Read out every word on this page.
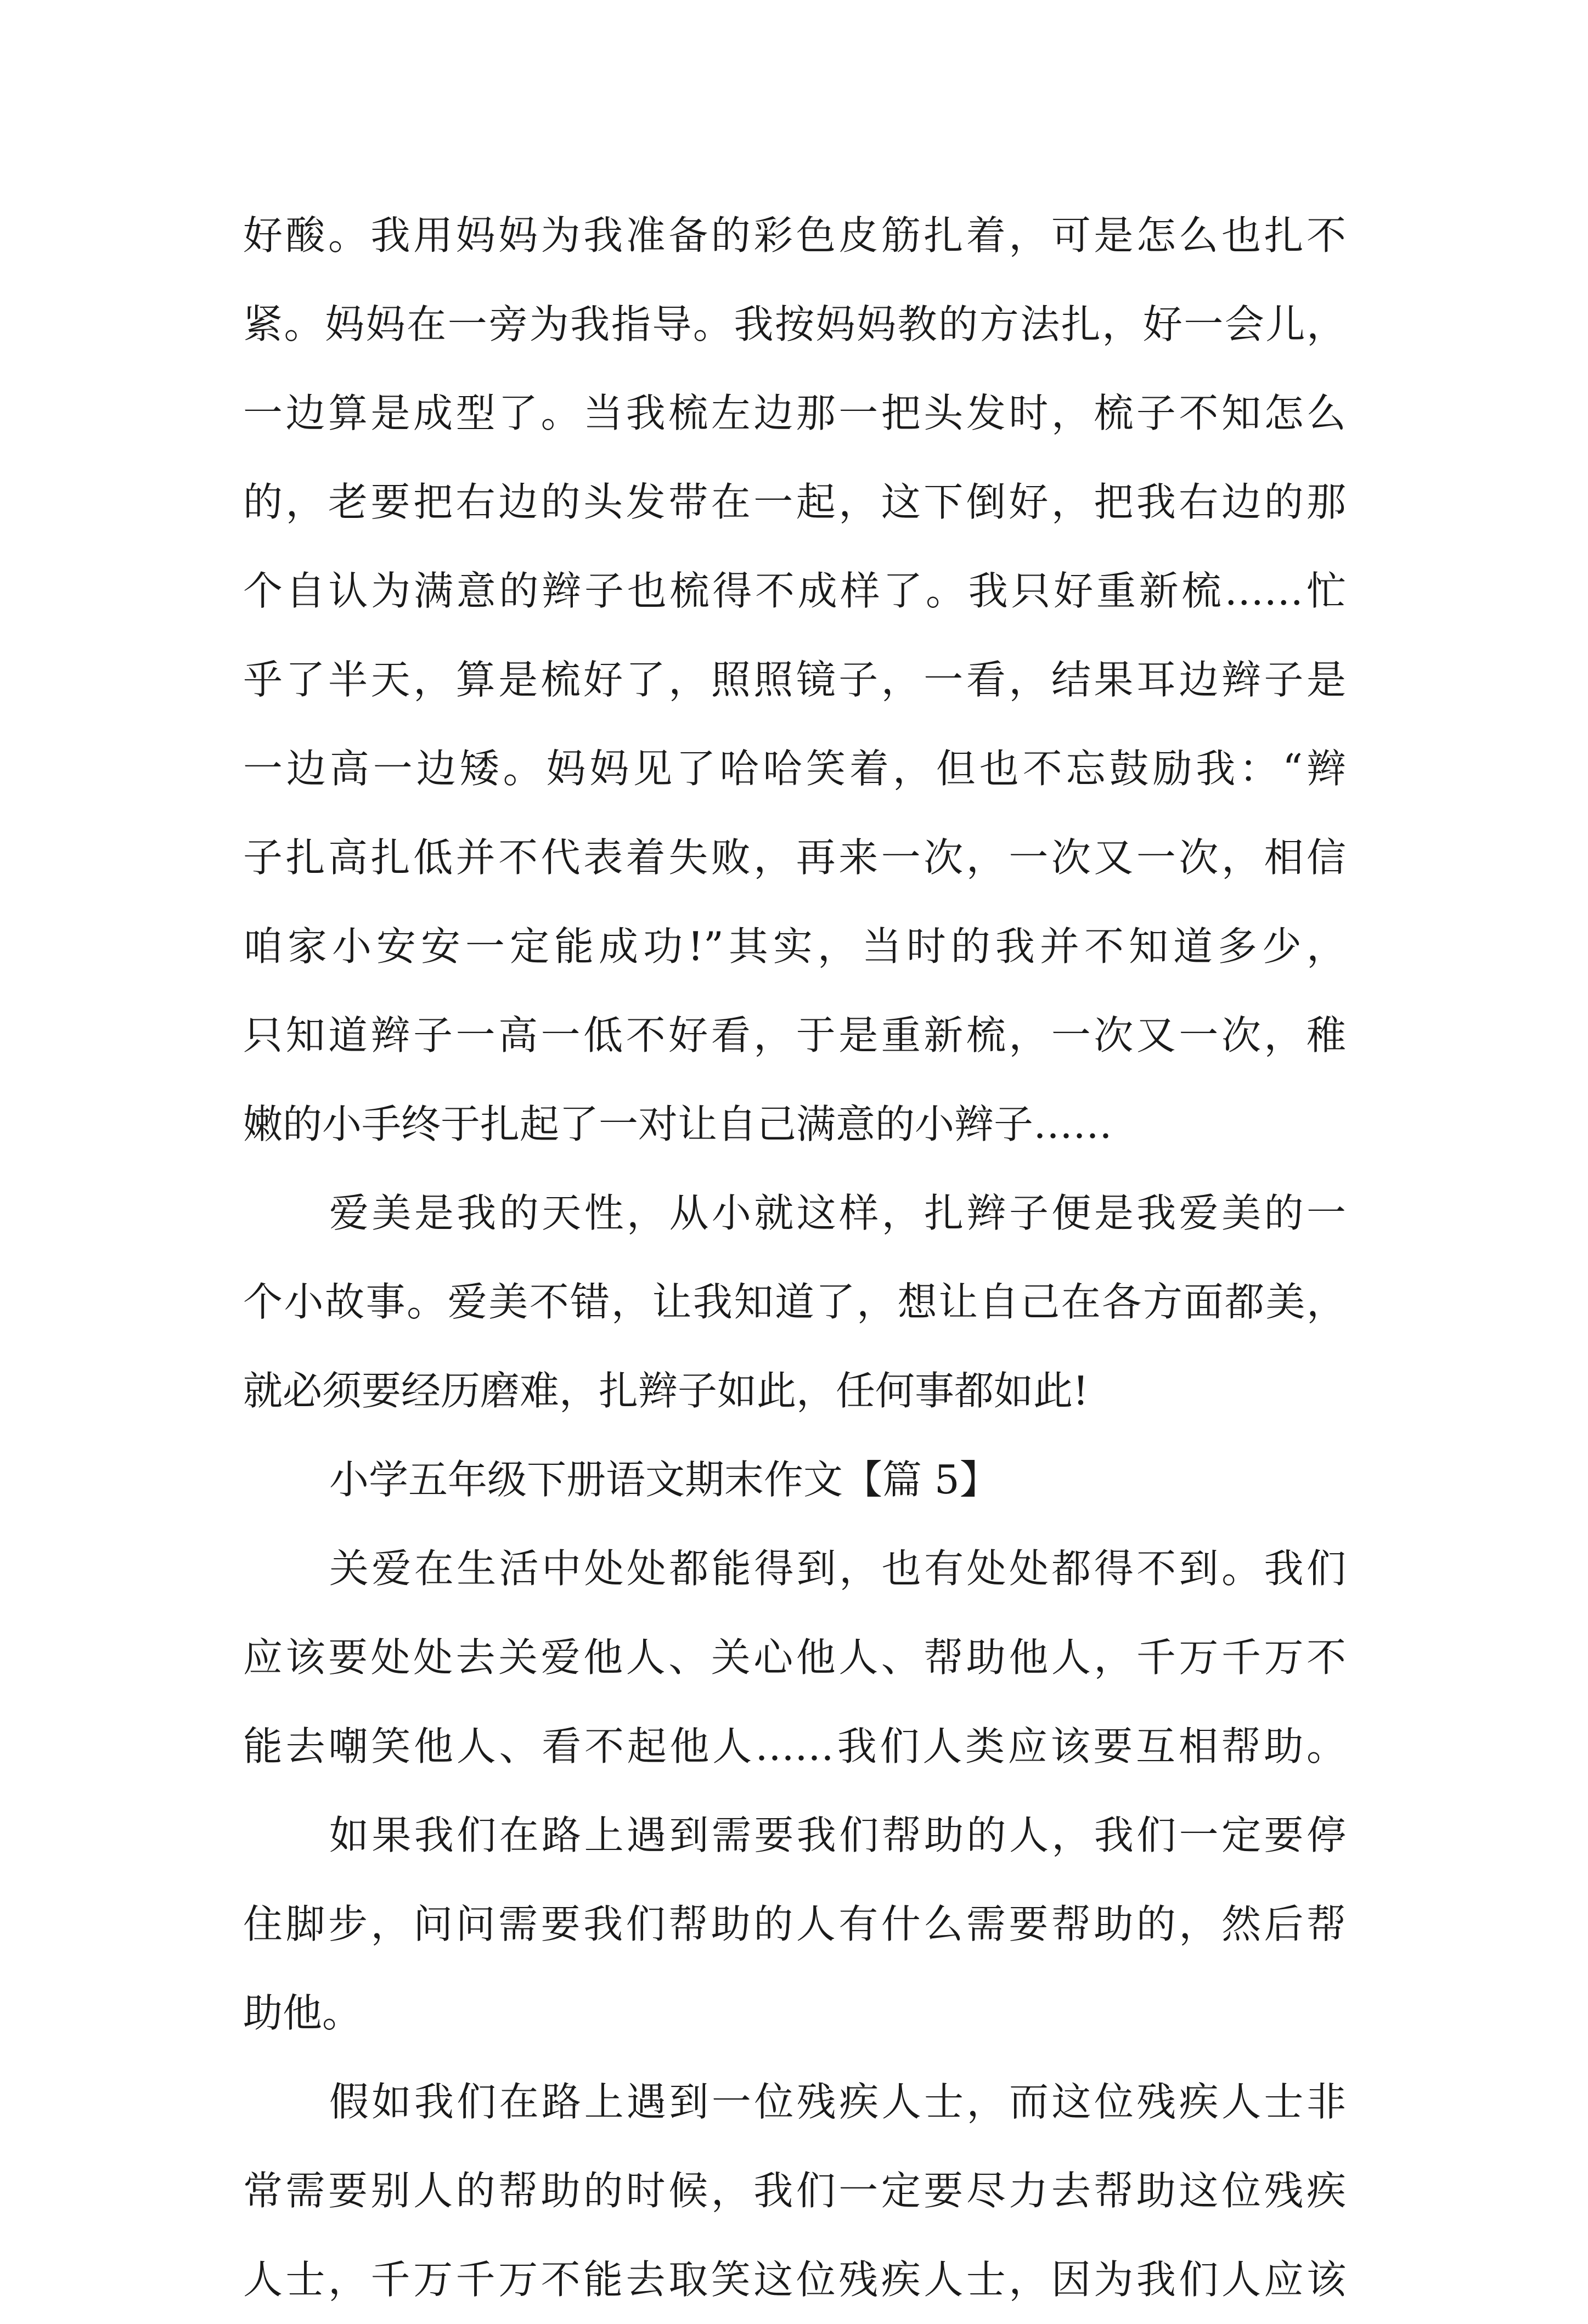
好酸。我用妈妈为我准备的彩色皮筋扎着，可是怎么也扎不
紧。妈妈在一旁为我指导。我按妈妈教的方法扎，好一会儿，
一边算是成型了。当我梳左边那一把头发时，梳子不知怎么
的，老要把右边的头发带在一起，这下倒好，把我右边的那
个自认为满意的辫子也梳得不成样了。我只好重新梳……忙
乎了半天，算是梳好了，照照镜子，一看，结果耳边辫子是
一边高一边矮。妈妈见了哈哈笑着，但也不忘鼓励我：“辫
子扎高扎低并不代表着失败，再来一次，一次又一次，相信
咱家小安安一定能成功!”其实，当时的我并不知道多少，
只知道辫子一高一低不好看，于是重新梳，一次又一次，稚
嫩的小手终于扎起了一对让自己满意的小辫子……
爱美是我的天性，从小就这样，扎辫子便是我爱美的一
个小故事。爱美不错，让我知道了，想让自己在各方面都美，
就必须要经历磨难，扎辫子如此，任何事都如此!
小学五年级下册语文期末作文【篇 5】
关爱在生活中处处都能得到，也有处处都得不到。我们
应该要处处去关爱他人、关心他人、帮助他人，千万千万不
能去嘲笑他人、看不起他人……我们人类应该要互相帮助。
如果我们在路上遇到需要我们帮助的人，我们一定要停
住脚步，问问需要我们帮助的人有什么需要帮助的，然后帮
助他。
假如我们在路上遇到一位残疾人士，而这位残疾人士非
常需要别人的帮助的时候，我们一定要尽力去帮助这位残疾
人士，千万千万不能去取笑这位残疾人士，因为我们人应该
